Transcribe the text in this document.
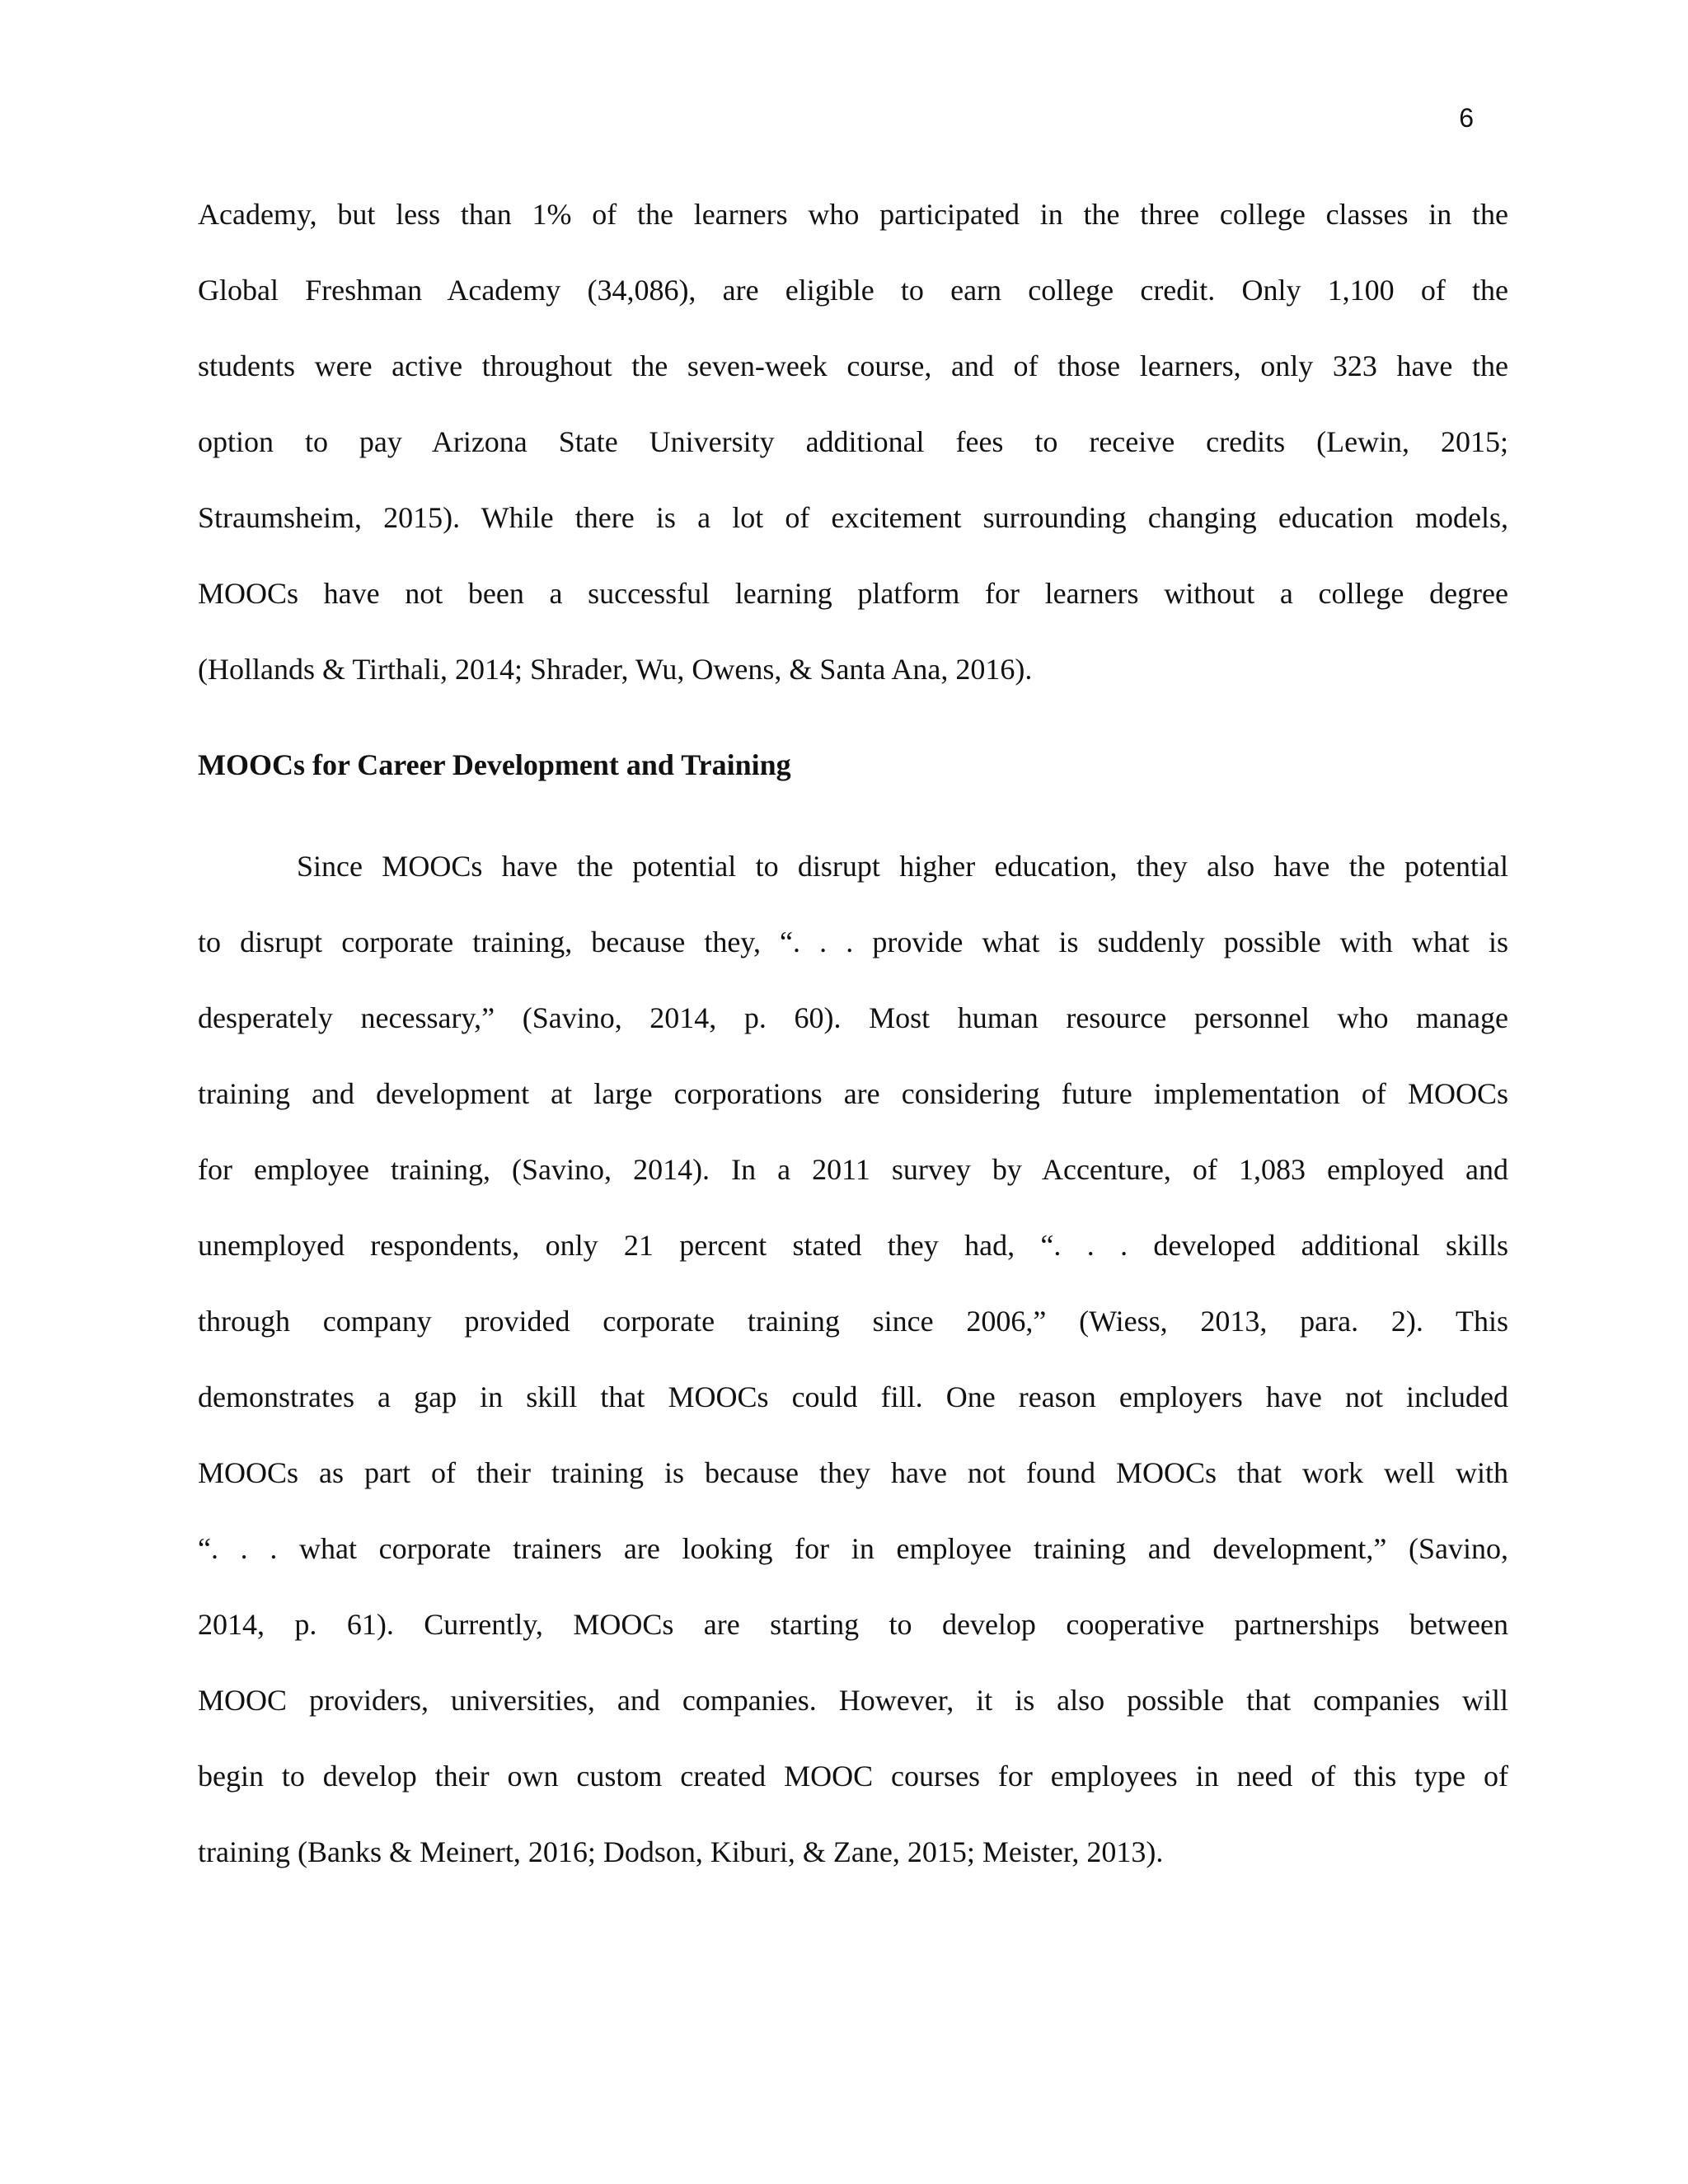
6
Academy, but less than 1% of the learners who participated in the three college classes in the
Global Freshman Academy (34,086), are eligible to earn college credit. Only 1,100 of the
students were active throughout the seven-week course, and of those learners, only 323 have the
option to pay Arizona State University additional fees to receive credits (Lewin, 2015;
Straumsheim, 2015). While there is a lot of excitement surrounding changing education models,
MOOCs have not been a successful learning platform for learners without a college degree
(Hollands & Tirthali, 2014; Shrader, Wu, Owens, & Santa Ana, 2016).
MOOCs for Career Development and Training
Since MOOCs have the potential to disrupt higher education, they also have the potential
to disrupt corporate training, because they, “. . . provide what is suddenly possible with what is
desperately necessary,” (Savino, 2014, p. 60). Most human resource personnel who manage
training and development at large corporations are considering future implementation of MOOCs
for employee training, (Savino, 2014). In a 2011 survey by Accenture, of 1,083 employed and
unemployed respondents, only 21 percent stated they had, “. . . developed additional skills
through company provided corporate training since 2006,” (Wiess, 2013, para. 2). This
demonstrates a gap in skill that MOOCs could fill. One reason employers have not included
MOOCs as part of their training is because they have not found MOOCs that work well with
“. . . what corporate trainers are looking for in employee training and development,” (Savino,
2014, p. 61). Currently, MOOCs are starting to develop cooperative partnerships between
MOOC providers, universities, and companies. However, it is also possible that companies will
begin to develop their own custom created MOOC courses for employees in need of this type of
training (Banks & Meinert, 2016; Dodson, Kiburi, & Zane, 2015; Meister, 2013).
